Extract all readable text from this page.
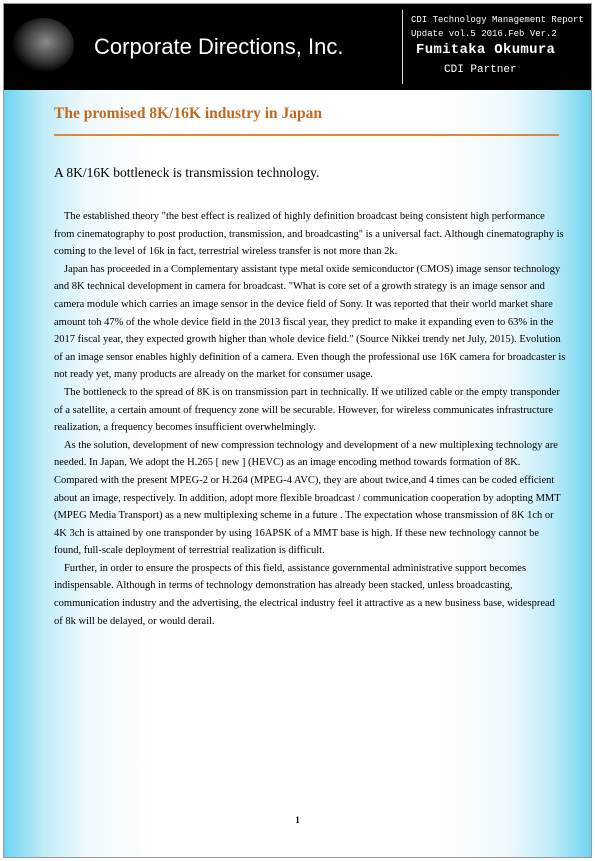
Corporate Directions, Inc.
CDI Technology Management Report
Update vol.5 2016.Feb Ver.2
Fumitaka Okumura
CDI Partner
The promised 8K/16K industry in Japan
A 8K/16K bottleneck is transmission technology.

The established theory "the best effect is realized of highly definition broadcast being consistent high performance from cinematography to post production, transmission, and broadcasting" is a universal fact. Although cinematography is coming to the level of 16k in fact, terrestrial wireless transfer is not more than 2k.

Japan has proceeded in a Complementary assistant type metal oxide semiconductor (CMOS) image sensor technology and 8K technical development in camera for broadcast. "What is core set of a growth strategy is an image sensor and camera module which carries an image sensor in the device field of Sony. It was reported that their world market share amount toh 47% of the whole device field in the 2013 fiscal year, they predict to make it expanding even to 63% in the 2017 fiscal year, they expected growth higher than whole device field." (Source Nikkei trendy net July, 2015). Evolution of an image sensor enables highly definition of a camera. Even though the professional use 16K camera for broadcaster is not ready yet, many products are already on the market for consumer usage.

The bottleneck to the spread of 8K is on transmission part in technically. If we utilized cable or the empty transponder of a satellite, a certain amount of frequency zone will be securable. However, for wireless communicates infrastructure realization, a frequency becomes insufficient overwhelmingly.

As the solution, development of new compression technology and development of a new multiplexing technology are needed. In Japan, We adopt the H.265 [ new ] (HEVC) as an image encoding method towards formation of 8K. Compared with the present MPEG-2 or H.264 (MPEG-4 AVC), they are about twice,and 4 times can be coded efficient about an image, respectively. In addition, adopt more flexible broadcast / communication cooperation by adopting MMT (MPEG Media Transport) as a new multiplexing scheme in a future . The expectation whose transmission of 8K 1ch or 4K 3ch is attained by one transponder by using 16APSK of a MMT base is high. If these new technology cannot be found, full-scale deployment of terrestrial realization is difficult.

Further, in order to ensure the prospects of this field, assistance governmental administrative support becomes indispensable. Although in terms of technology demonstration has already been stacked, unless broadcasting, communication industry and the advertising, the electrical industry feel it attractive as a new business base, widespread of 8k will be delayed, or would derail.

1
